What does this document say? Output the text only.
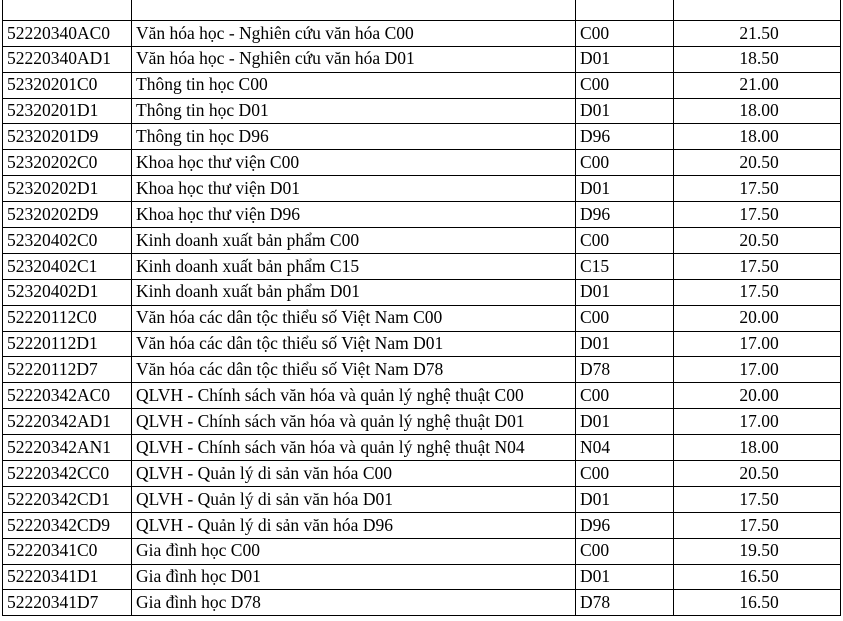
52220340AC0	Văn hóa học - Nghiên cứu văn hóa C00	C00	21.50
52220340AD1	Văn hóa học - Nghiên cứu văn hóa D01	D01	18.50
52320201C0	Thông tin học C00	C00	21.00
52320201D1	Thông tin học D01	D01	18.00
52320201D9	Thông tin học D96	D96	18.00
52320202C0	Khoa học thư viện C00	C00	20.50
52320202D1	Khoa học thư viện D01	D01	17.50
52320202D9	Khoa học thư viện D96	D96	17.50
52320402C0	Kinh doanh xuất bản phẩm C00	C00	20.50
52320402C1	Kinh doanh xuất bản phẩm C15	C15	17.50
52320402D1	Kinh doanh xuất bản phẩm D01	D01	17.50
52220112C0	Văn hóa các dân tộc thiểu số Việt Nam C00	C00	20.00
52220112D1	Văn hóa các dân tộc thiểu số Việt Nam D01	D01	17.00
52220112D7	Văn hóa các dân tộc thiểu số Việt Nam D78	D78	17.00
52220342AC0	QLVH - Chính sách văn hóa và quản lý nghệ thuật C00	C00	20.00
52220342AD1	QLVH - Chính sách văn hóa và quản lý nghệ thuật D01	D01	17.00
52220342AN1	QLVH - Chính sách văn hóa và quản lý nghệ thuật N04	N04	18.00
52220342CC0	QLVH - Quản lý di sản văn hóa C00	C00	20.50
52220342CD1	QLVH - Quản lý di sản văn hóa D01	D01	17.50
52220342CD9	QLVH - Quản lý di sản văn hóa D96	D96	17.50
52220341C0	Gia đình học C00	C00	19.50
52220341D1	Gia đình học D01	D01	16.50
52220341D7	Gia đình học D78	D78	16.50
